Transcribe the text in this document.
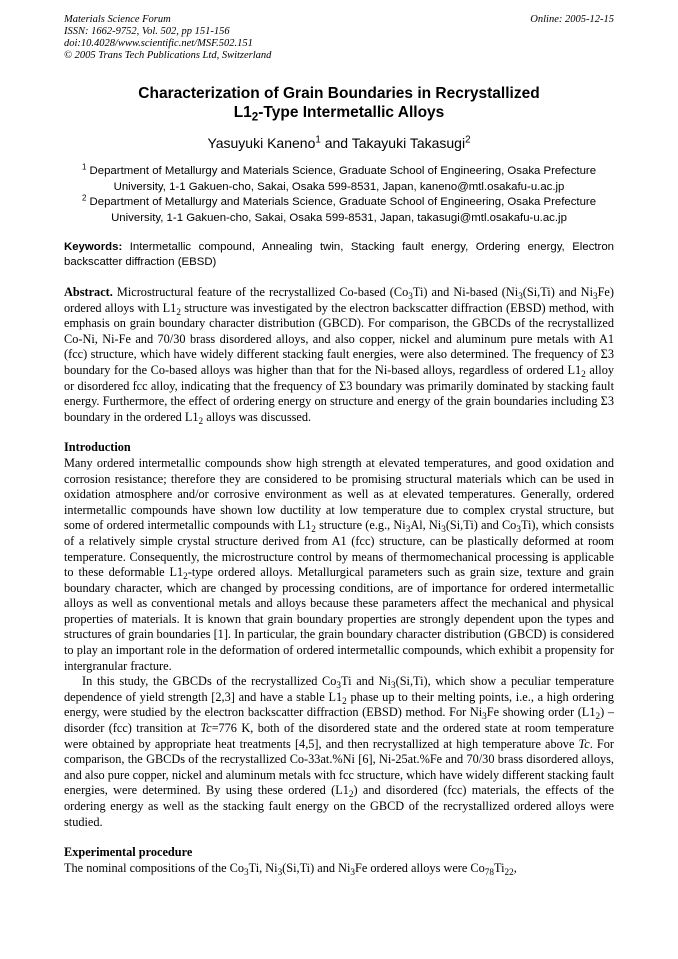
Materials Science Forum
ISSN: 1662-9752, Vol. 502, pp 151-156
doi:10.4028/www.scientific.net/MSF.502.151
© 2005 Trans Tech Publications Ltd, Switzerland
Online: 2005-12-15
Characterization of Grain Boundaries in Recrystallized
$L1_2$-Type Intermetallic Alloys
Yasuyuki Kaneno$^1$ and Takayuki Takasugi$^2$
$^1$ Department of Metallurgy and Materials Science, Graduate School of Engineering, Osaka Prefecture University, 1-1 Gakuen-cho, Sakai, Osaka 599-8531, Japan, kaneno@mtl.osakafu-u.ac.jp
$^2$ Department of Metallurgy and Materials Science, Graduate School of Engineering, Osaka Prefecture University, 1-1 Gakuen-cho, Sakai, Osaka 599-8531, Japan, takasugi@mtl.osakafu-u.ac.jp
Keywords: Intermetallic compound, Annealing twin, Stacking fault energy, Ordering energy, Electron backscatter diffraction (EBSD)
Abstract. Microstructural feature of the recrystallized Co-based $(Co_3Ti)$ and Ni-based ($Ni_3(Si,Ti)$ and $Ni_3Fe$) ordered alloys with $L1_2$ structure was investigated by the electron backscatter diffraction (EBSD) method, with emphasis on grain boundary character distribution (GBCD). For comparison, the GBCDs of the recrystallized Co-Ni, Ni-Fe and 70/30 brass disordered alloys, and also copper, nickel and aluminum pure metals with A1 (fcc) structure, which have widely different stacking fault energies, were also determined. The frequency of Σ3 boundary for the Co-based alloys was higher than that for the Ni-based alloys, regardless of ordered $L1_2$ alloy or disordered fcc alloy, indicating that the frequency of Σ3 boundary was primarily dominated by stacking fault energy. Furthermore, the effect of ordering energy on structure and energy of the grain boundaries including Σ3 boundary in the ordered $L1_2$ alloys was discussed.
Introduction

Many ordered intermetallic compounds show high strength at elevated temperatures, and good oxidation and corrosion resistance; therefore they are considered to be promising structural materials which can be used in oxidation atmosphere and/or corrosive environment as well as at elevated temperatures. Generally, ordered intermetallic compounds have shown low ductility at low temperature due to complex crystal structure, but some of ordered intermetallic compounds with $L1_2$ structure (e.g., $Ni_3Al$, $Ni_3(Si,Ti)$ and $Co_3Ti$), which consists of a relatively simple crystal structure derived from A1 (fcc) structure, can be plastically deformed at room temperature. Consequently, the microstructure control by means of thermomechanical processing is applicable to these deformable $L1_2$-type ordered alloys. Metallurgical parameters such as grain size, texture and grain boundary character, which are changed by processing conditions, are of importance for ordered intermetallic alloys as well as conventional metals and alloys because these parameters affect the mechanical and physical properties of materials. It is known that grain boundary properties are strongly dependent upon the types and structures of grain boundaries [1]. In particular, the grain boundary character distribution (GBCD) is considered to play an important role in the deformation of ordered intermetallic compounds, which exhibit a propensity for intergranular fracture.

In this study, the GBCDs of the recrystallized $Co_3Ti$ and $Ni_3(Si,Ti)$, which show a peculiar temperature dependence of yield strength [2,3] and have a stable $L1_2$ phase up to their melting points, i.e., a high ordering energy, were studied by the electron backscatter diffraction (EBSD) method. For $Ni_3Fe$ showing order $(L1_2)$ – disorder (fcc) transition at Tc=776 K, both of the disordered state and the ordered state at room temperature were obtained by appropriate heat treatments [4,5], and then recrystallized at high temperature above Tc. For comparison, the GBCDs of the recrystallized Co-33at.%Ni [6], Ni-25at.%Fe and 70/30 brass disordered alloys, and also pure copper, nickel and aluminum metals with fcc structure, which have widely different stacking fault energies, were determined. By using these ordered $(L1_2)$ and disordered (fcc) materials, the effects of the ordering energy as well as the stacking fault energy on the GBCD of the recrystallized ordered alloys were studied.

Experimental procedure

The nominal compositions of the $Co_3Ti$, $Ni_3(Si,Ti)$ and $Ni_3Fe$ ordered alloys were $Co_{78}Ti_{22}$,
